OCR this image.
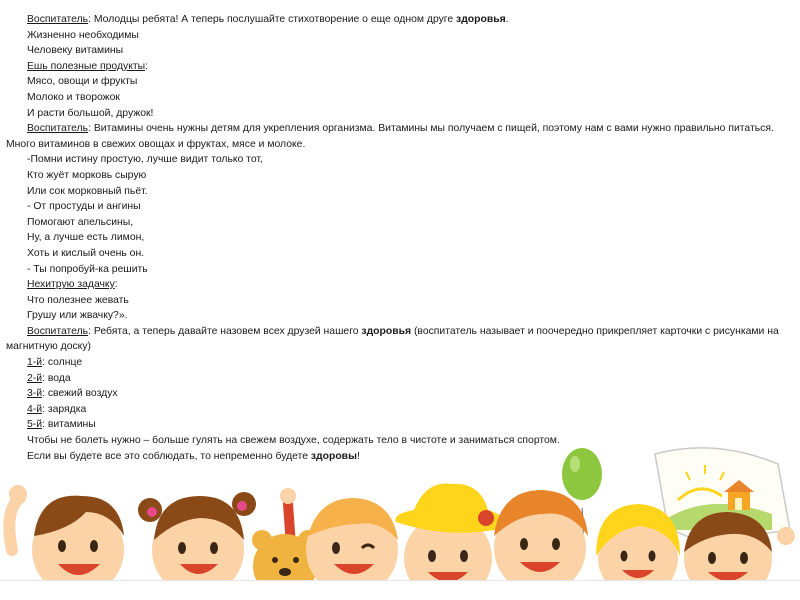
Воспитатель: Молодцы ребята! А теперь послушайте стихотворение о еще одном друге здоровья.
Жизненно необходимы
Человеку витамины
Ешь полезные продукты:
Мясо, овощи и фрукты
Молоко и творожок
И расти большой, дружок!
Воспитатель: Витамины очень нужны детям для укрепления организма. Витамины мы получаем с пищей, поэтому нам с вами нужно правильно питаться. Много витаминов в свежих овощах и фруктах, мясе и молоке.
-Помни истину простую, лучше видит только тот,
Кто жуёт морковь сырую
Или сок морковный пьёт.
- От простуды и ангины
Помогают апельсины,
Ну, а лучше есть лимон,
Хоть и кислый очень он.
- Ты попробуй-ка решить
Нехитрую задачку:
Что полезнее жевать
Грушу или жвачку?».
Воспитатель: Ребята, а теперь давайте назовем всех друзей нашего здоровья (воспитатель называет и поочередно прикрепляет карточки с рисунками на магнитную доску)
1-й: солнце
2-й: вода
3-й: свежий воздух
4-й: зарядка
5-й: витамины
Чтобы не болеть нужно – больше гулять на свежем воздухе, содержать тело в чистоте и заниматься спортом.
Если вы будете все это соблюдать, то непременно будете здоровы!
